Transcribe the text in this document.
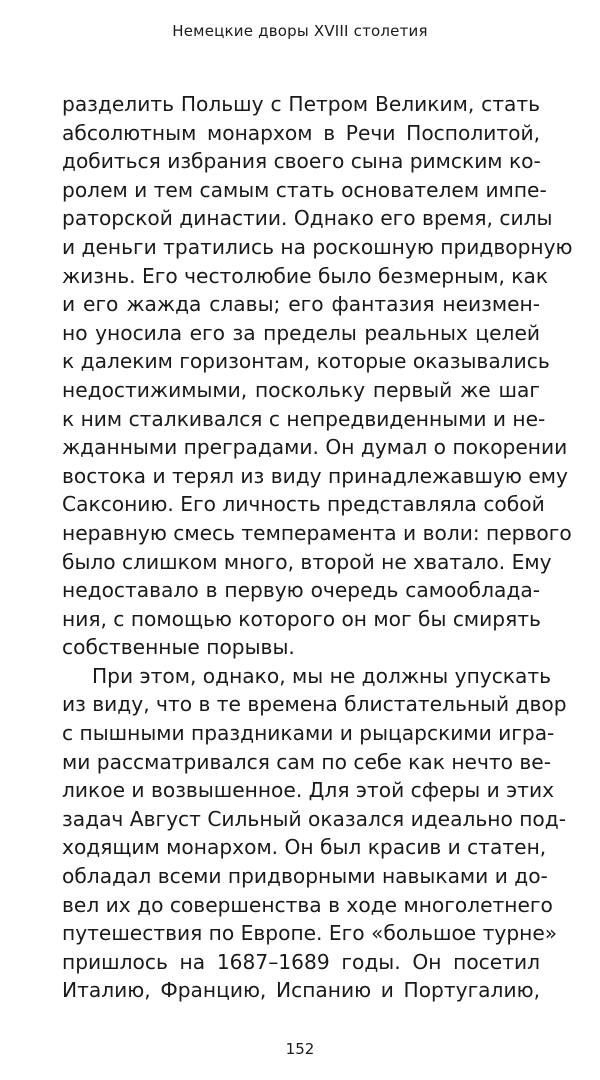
Немецкие дворы XVIII столетия
разделить Польшу с Петром Великим, стать
абсолютным монархом в Речи Посполитой,
добиться избрания своего сына римским ко-
ролем и тем самым стать основателем импе-
раторской династии. Однако его время, силы
и деньги тратились на роскошную придворную
жизнь. Его честолюбие было безмерным, как
и его жажда славы; его фантазия неизмен-
но уносила его за пределы реальных целей
к далеким горизонтам, которые оказывались
недостижимыми, поскольку первый же шаг
к ним сталкивался с непредвиденными и не-
жданными преградами. Он думал о покорении
востока и терял из виду принадлежавшую ему
Саксонию. Его личность представляла собой
неравную смесь темперамента и воли: первого
было слишком много, второй не хватало. Ему
недоставало в первую очередь самообладa-
ния, с помощью которого он мог бы смирять
собственные порывы.
При этом, однако, мы не должны упускать
из виду, что в те времена блистательный двор
с пышными праздниками и рыцарскими игра-
ми рассматривался сам по себе как нечто ве-
ликое и возвышенное. Для этой сферы и этих
задач Август Сильный оказался идеально под-
ходящим монархом. Он был красив и статен,
обладал всеми придворными навыками и до-
вел их до совершенства в ходе многолетнего
путешествия по Европе. Его «большое турне»
пришлось на 1687–1689 годы. Он посетил
Италию, Францию, Испанию и Португалию,
152
